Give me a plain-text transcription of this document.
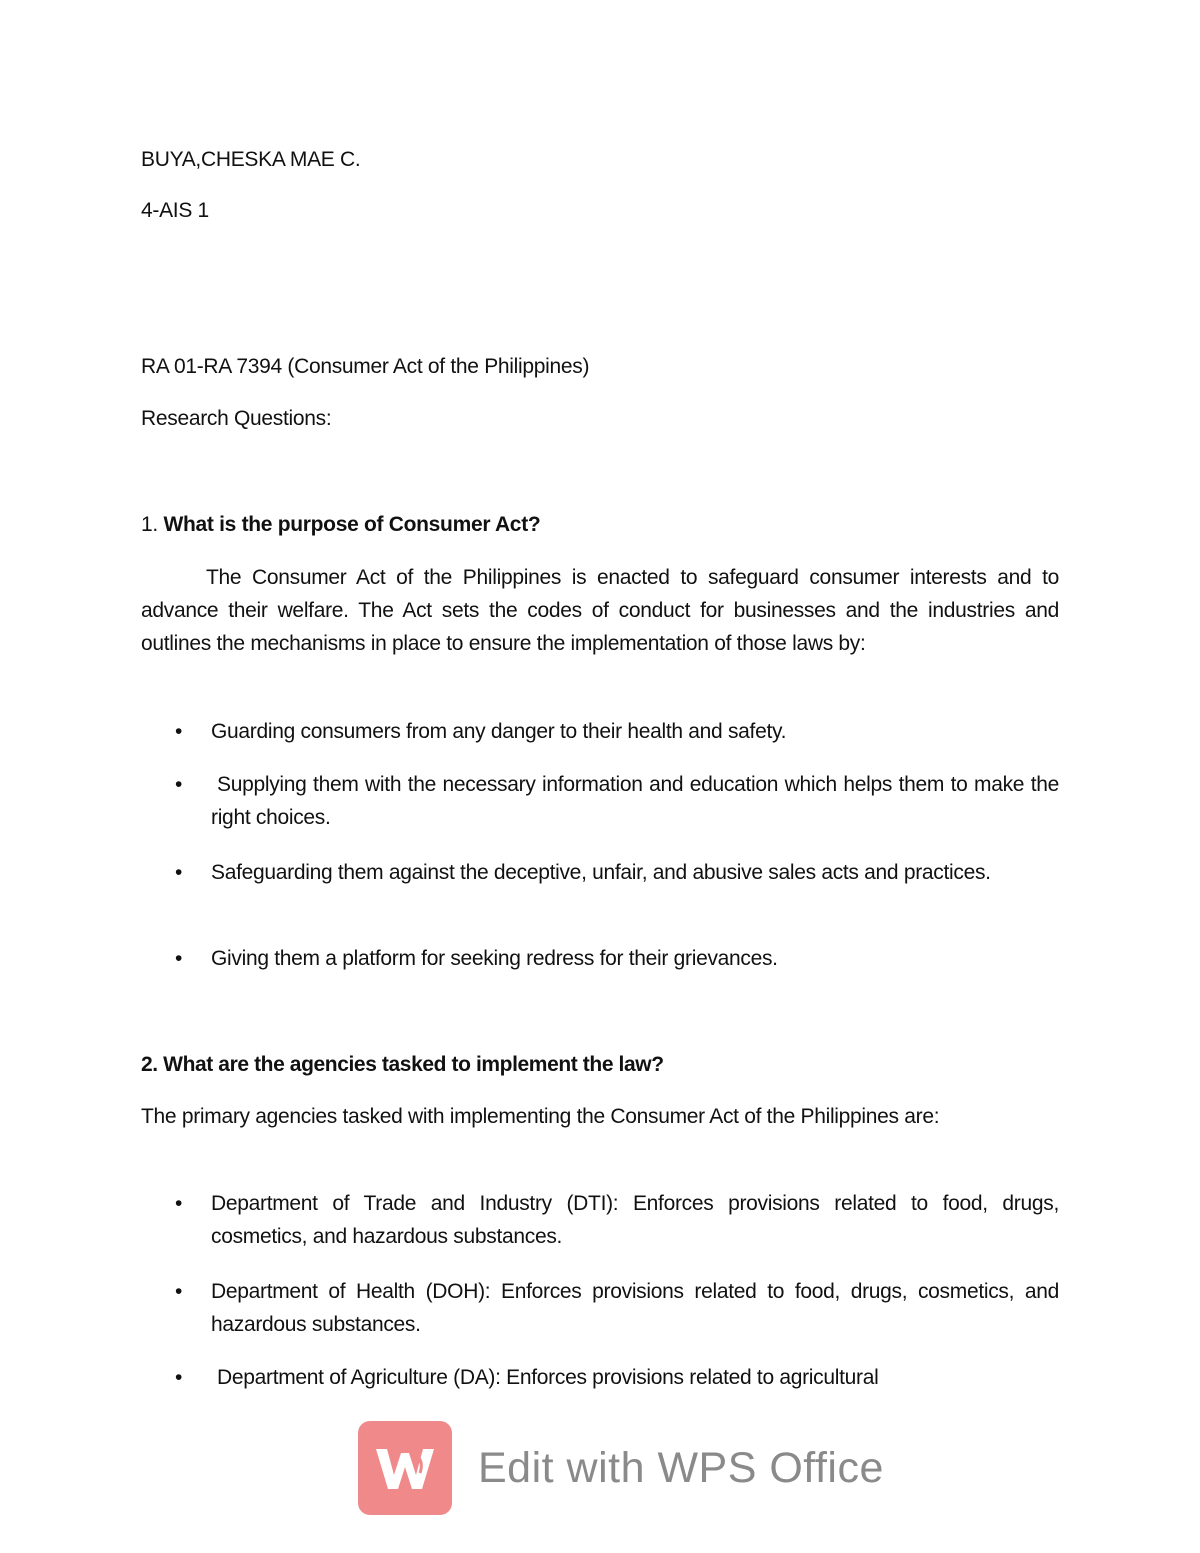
BUYA,CHESKA MAE C.
4-AIS 1
RA 01-RA 7394 (Consumer Act of the Philippines)
Research Questions:
1. What is the purpose of Consumer Act?

The Consumer Act of the Philippines is enacted to safeguard consumer interests and to advance their welfare. The Act sets the codes of conduct for businesses and the industries and outlines the mechanisms in place to ensure the implementation of those laws by:

•	Guarding consumers from any danger to their health and safety.
•	Supplying them with the necessary information and education which helps them to make the right choices.
•	Safeguarding them against the deceptive, unfair, and abusive sales acts and practices.
•	Giving them a platform for seeking redress for their grievances.
2. What are the agencies tasked to implement the law?

The primary agencies tasked with implementing the Consumer Act of the Philippines are:

•	Department of Trade and Industry (DTI): Enforces provisions related to food, drugs, cosmetics, and hazardous substances.
•	Department of Health (DOH): Enforces provisions related to food, drugs, cosmetics, and hazardous substances.
•	Department of Agriculture (DA): Enforces provisions related to agricultural
Edit with WPS Office
